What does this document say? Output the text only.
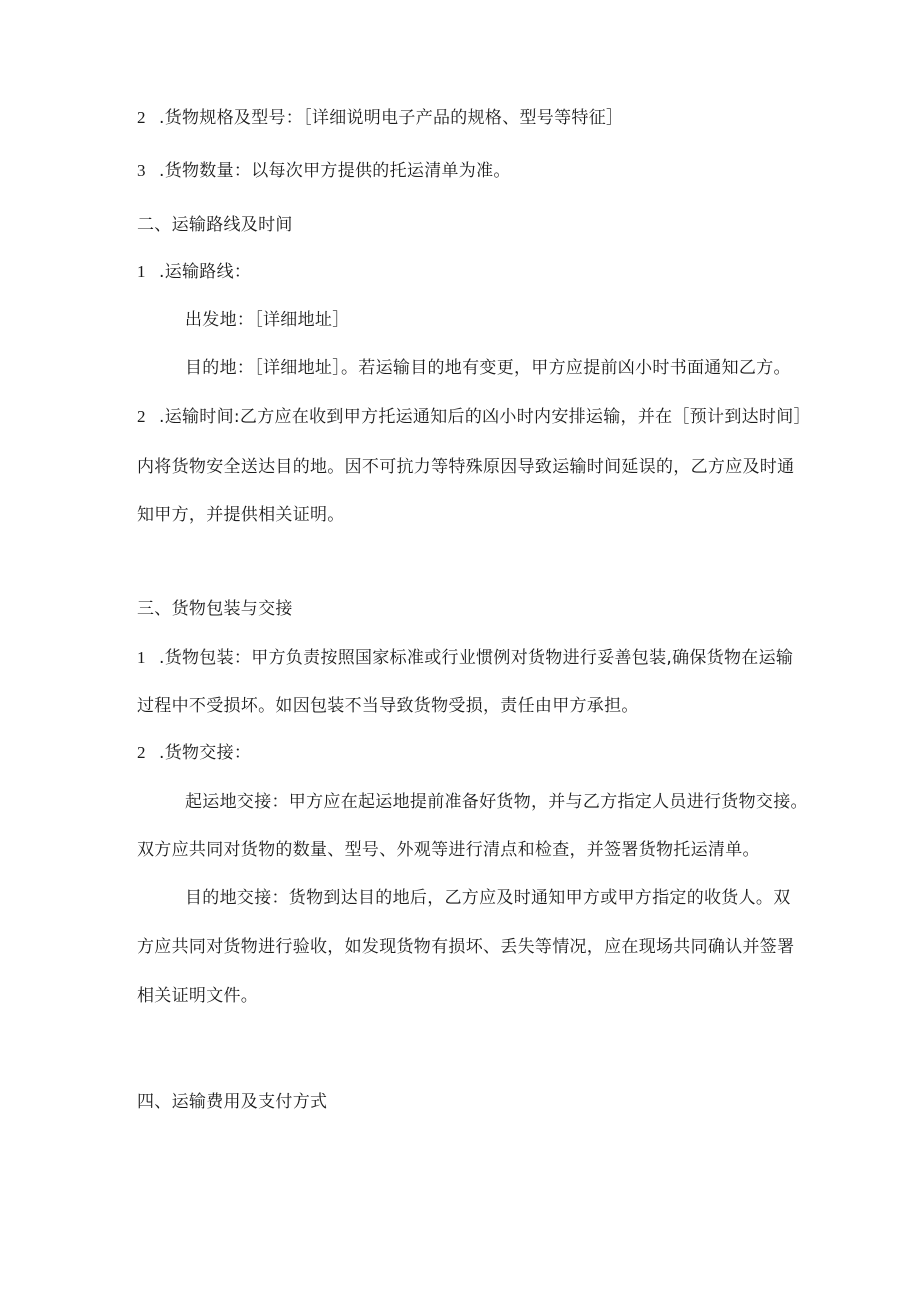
2 .货物规格及型号：［详细说明电子产品的规格、型号等特征］
3 .货物数量：以每次甲方提供的托运清单为准。
二、运输路线及时间
1 .运输路线：
出发地：［详细地址］
目的地：［详细地址］。若运输目的地有变更，甲方应提前凶小时书面通知乙方。
2 .运输时间:乙方应在收到甲方托运通知后的凶小时内安排运输，并在［预计到达时间］
内将货物安全送达目的地。因不可抗力等特殊原因导致运输时间延误的，乙方应及时通
知甲方，并提供相关证明。
三、货物包装与交接
1 .货物包装：甲方负责按照国家标准或行业惯例对货物进行妥善包装,确保货物在运输
过程中不受损坏。如因包装不当导致货物受损，责任由甲方承担。
2 .货物交接：
起运地交接：甲方应在起运地提前准备好货物，并与乙方指定人员进行货物交接。
双方应共同对货物的数量、型号、外观等进行清点和检查，并签署货物托运清单。
目的地交接：货物到达目的地后，乙方应及时通知甲方或甲方指定的收货人。双
方应共同对货物进行验收，如发现货物有损坏、丢失等情况，应在现场共同确认并签署
相关证明文件。
四、运输费用及支付方式
